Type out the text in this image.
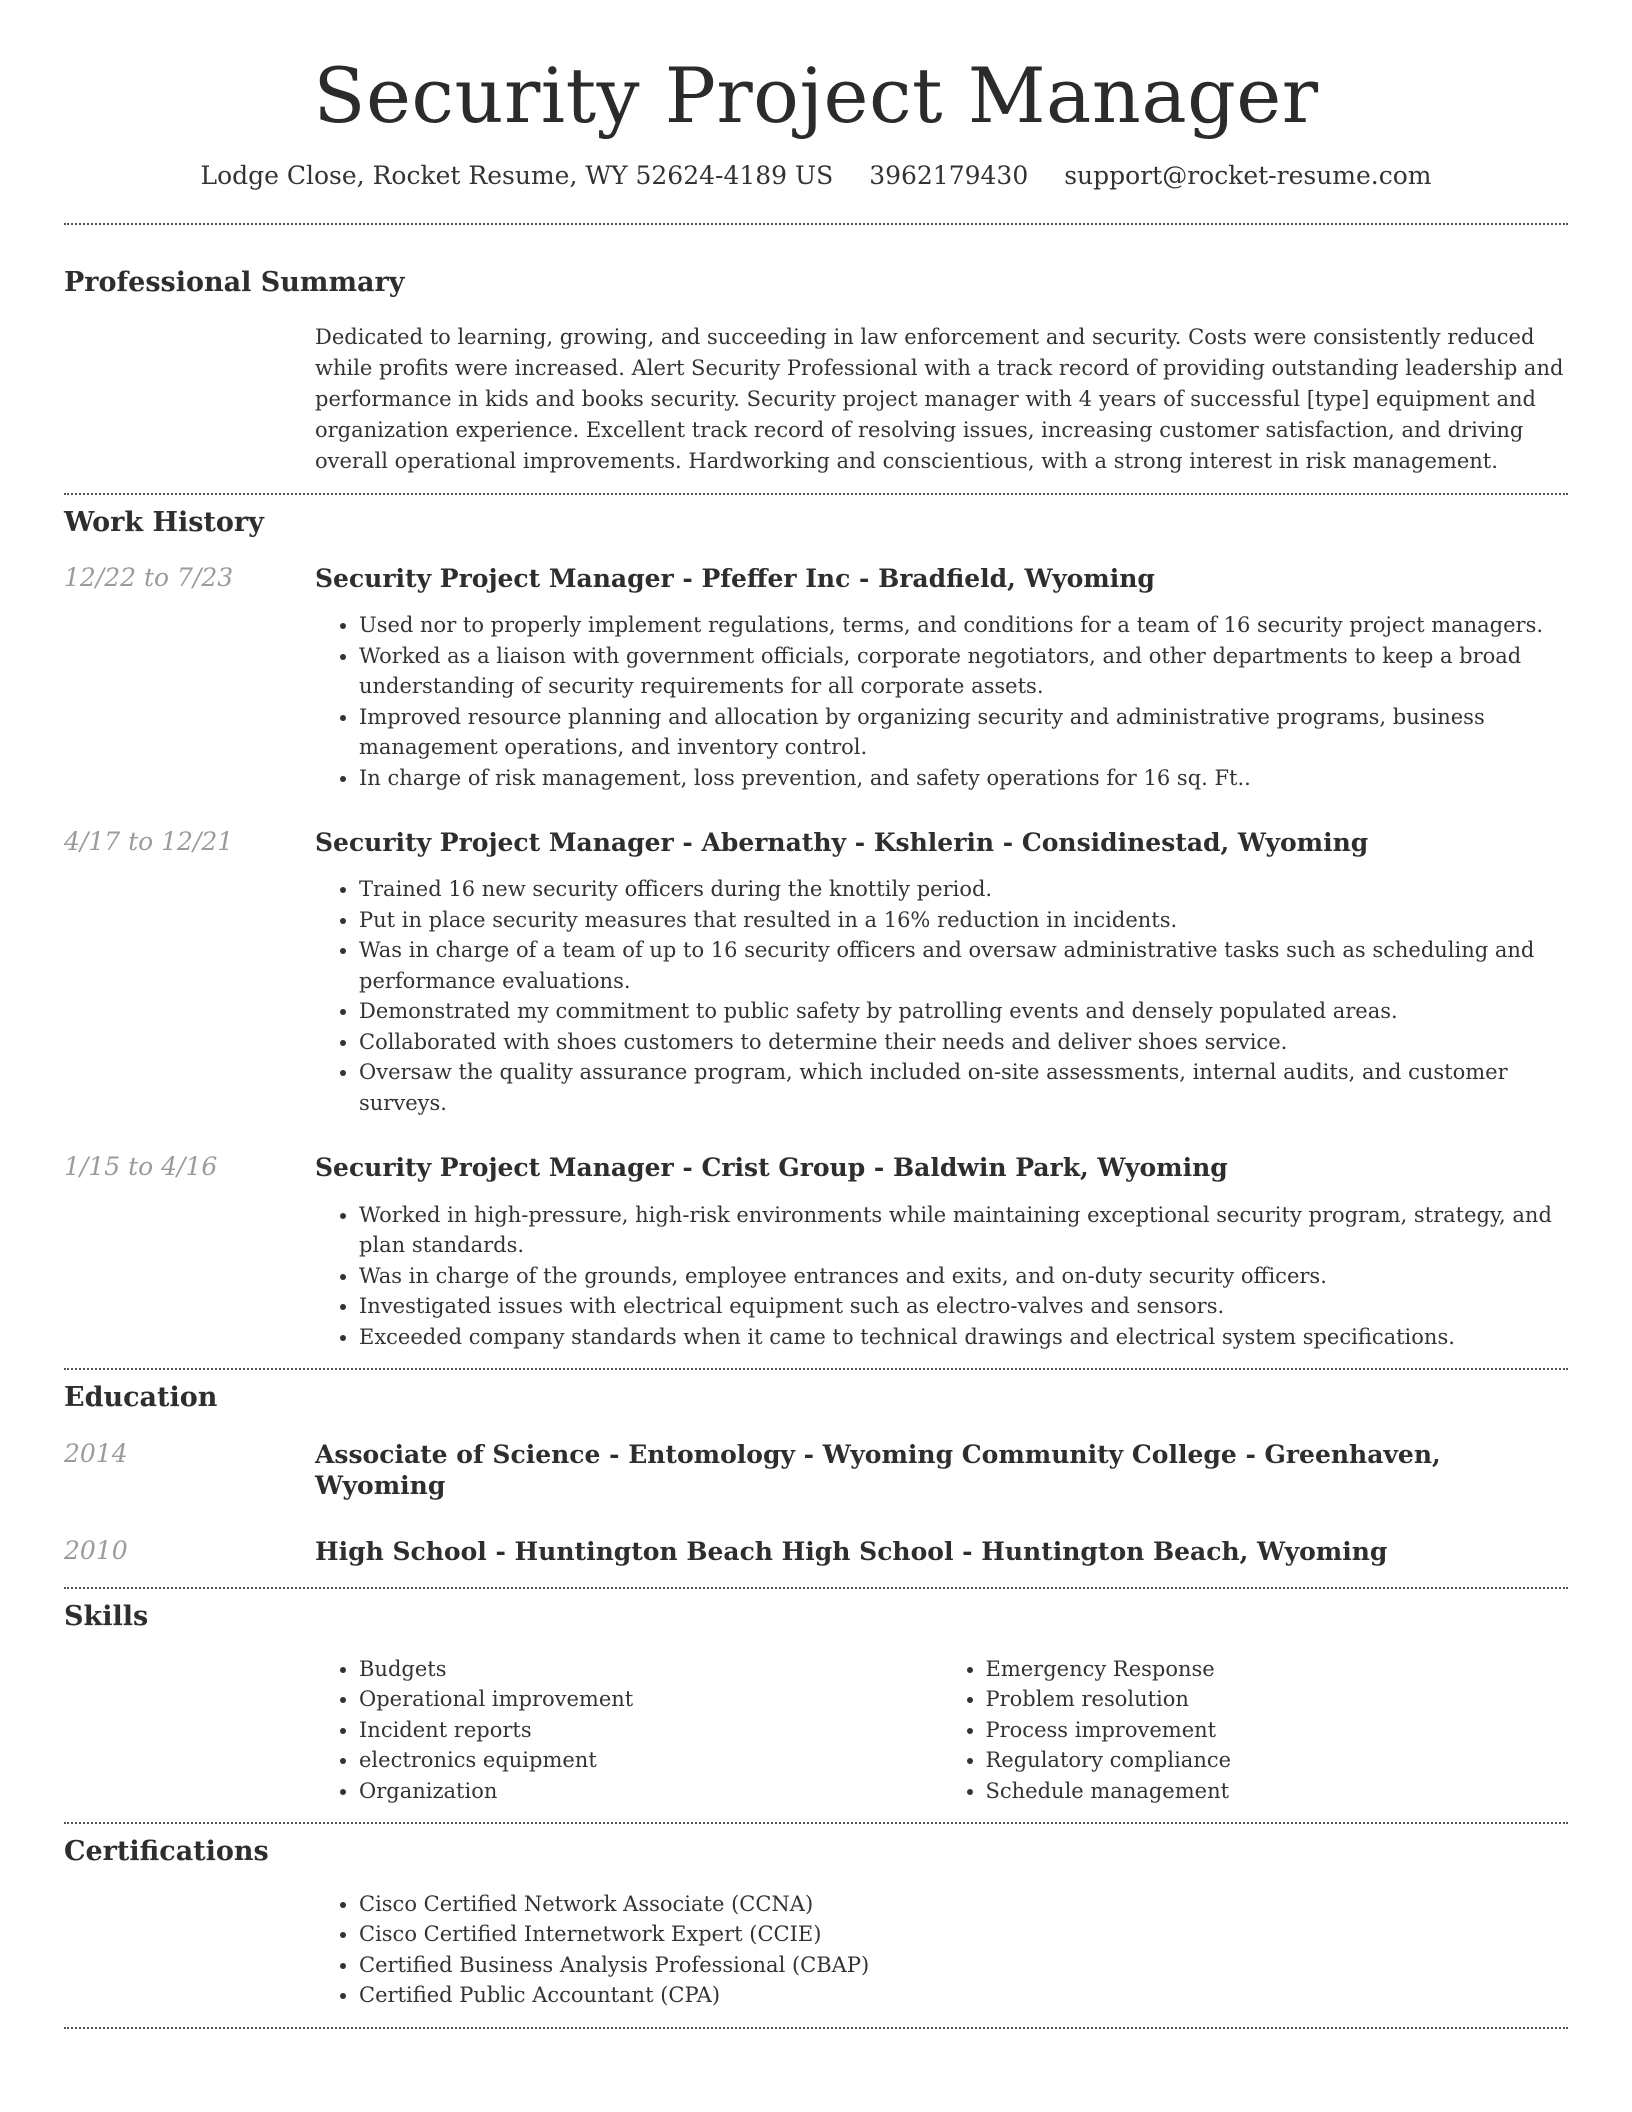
Security Project Manager
Lodge Close, Rocket Resume, WY 52624-4189 US 3962179430 support@rocket-resume.com
Professional Summary

Dedicated to learning, growing, and succeeding in law enforcement and security. Costs were consistently reduced while profits were increased. Alert Security Professional with a track record of providing outstanding leadership and performance in kids and books security. Security project manager with 4 years of successful [type] equipment and organization experience. Excellent track record of resolving issues, increasing customer satisfaction, and driving overall operational improvements. Hardworking and conscientious, with a strong interest in risk management.

Work History
12/22 to 7/23	Security Project Manager - Pfeffer Inc - Bradfield, Wyoming
• Used nor to properly implement regulations, terms, and conditions for a team of 16 security project managers.
• Worked as a liaison with government officials, corporate negotiators, and other departments to keep a broad understanding of security requirements for all corporate assets.
• Improved resource planning and allocation by organizing security and administrative programs, business management operations, and inventory control.
• In charge of risk management, loss prevention, and safety operations for 16 sq. Ft..
4/17 to 12/21	Security Project Manager - Abernathy - Kshlerin - Considinestad, Wyoming
• Trained 16 new security officers during the knottily period.
• Put in place security measures that resulted in a 16% reduction in incidents.
• Was in charge of a team of up to 16 security officers and oversaw administrative tasks such as scheduling and performance evaluations.
• Demonstrated my commitment to public safety by patrolling events and densely populated areas.
• Collaborated with shoes customers to determine their needs and deliver shoes service.
• Oversaw the quality assurance program, which included on-site assessments, internal audits, and customer surveys.
1/15 to 4/16	Security Project Manager - Crist Group - Baldwin Park, Wyoming
• Worked in high-pressure, high-risk environments while maintaining exceptional security program, strategy, and plan standards.
• Was in charge of the grounds, employee entrances and exits, and on-duty security officers.
• Investigated issues with electrical equipment such as electro-valves and sensors.
• Exceeded company standards when it came to technical drawings and electrical system specifications.
Education
2014	Associate of Science - Entomology - Wyoming Community College - Greenhaven, Wyoming
2010	High School - Huntington Beach High School - Huntington Beach, Wyoming
Skills
• Budgets
• Operational improvement
• Incident reports
• electronics equipment
• Organization
• Emergency Response
• Problem resolution
• Process improvement
• Regulatory compliance
• Schedule management
Certifications
• Cisco Certified Network Associate (CCNA)
• Cisco Certified Internetwork Expert (CCIE)
• Certified Business Analysis Professional (CBAP)
• Certified Public Accountant (CPA)
